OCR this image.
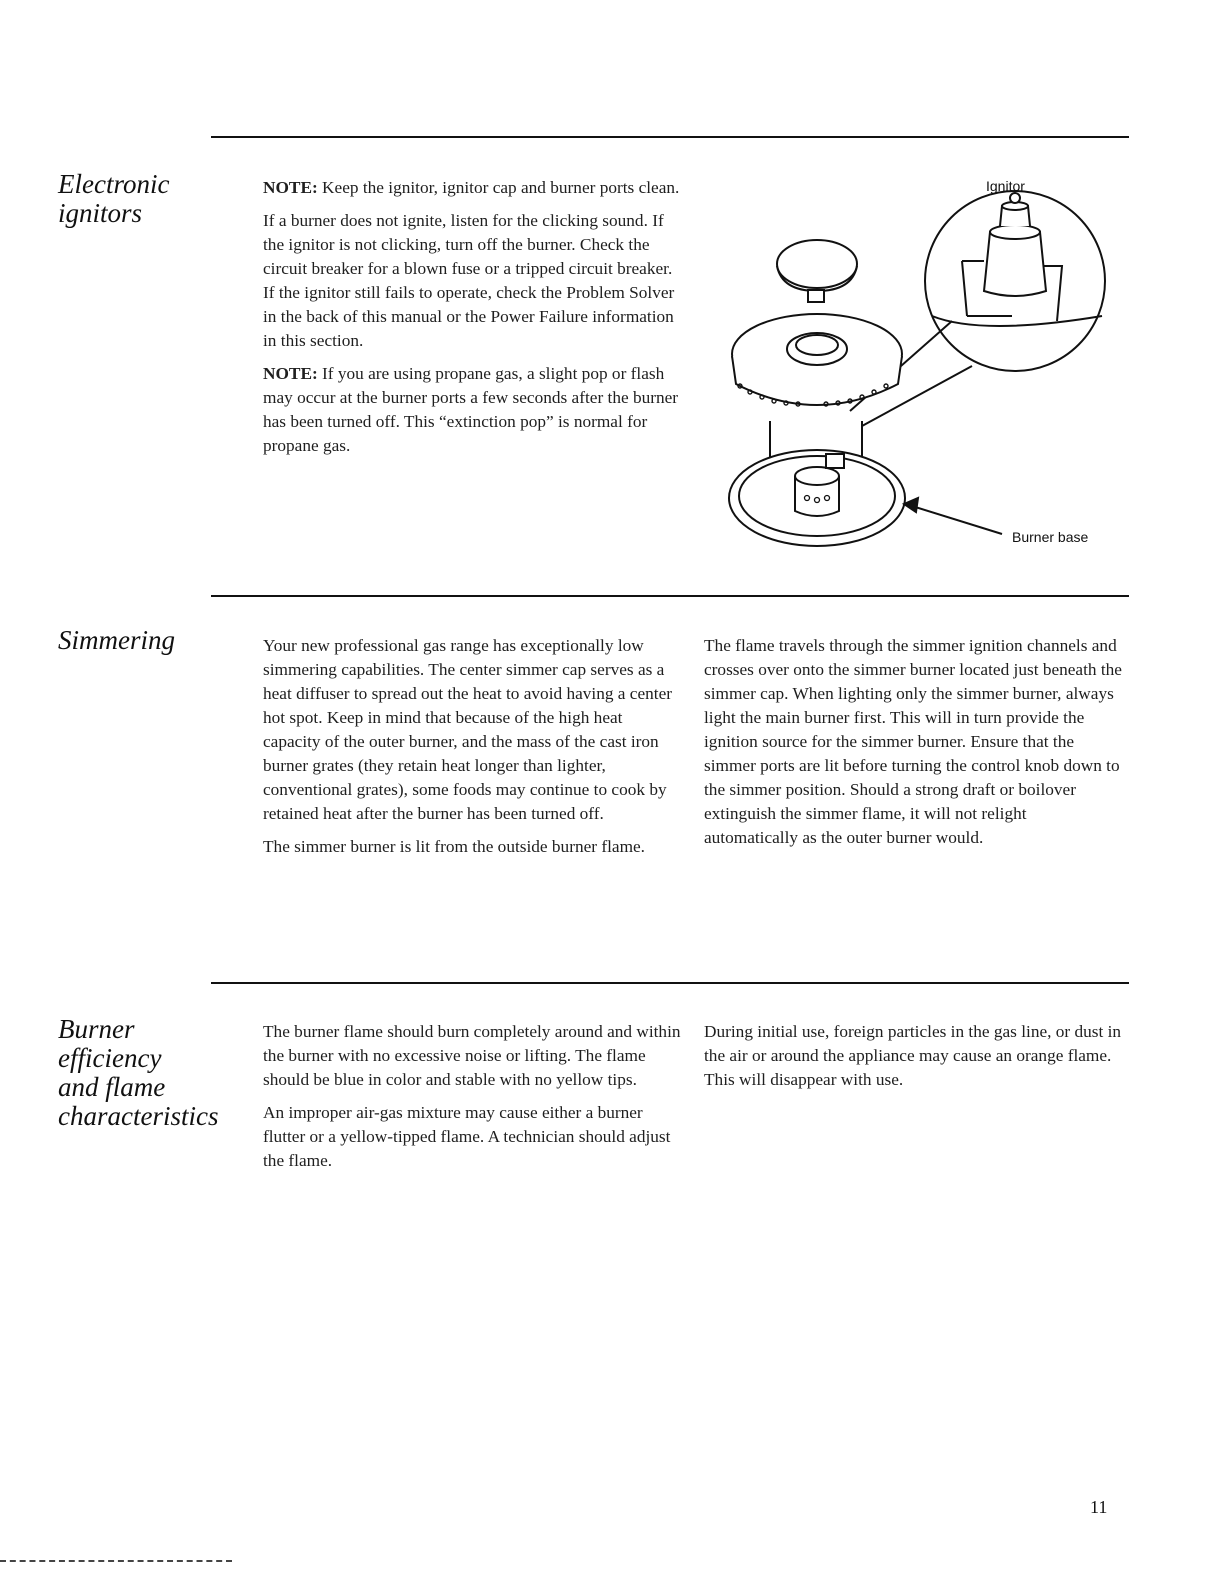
Electronic ignitors

NOTE: Keep the ignitor, ignitor cap and burner ports clean.

If a burner does not ignite, listen for the clicking sound. If the ignitor is not clicking, turn off the burner. Check the circuit breaker for a blown fuse or a tripped circuit breaker. If the ignitor still fails to operate, check the Problem Solver in the back of this manual or the Power Failure information in this section.

NOTE: If you are using propane gas, a slight pop or flash may occur at the burner ports a few seconds after the burner has been turned off. This “extinction pop” is normal for propane gas.

Ignitor
Burner base
Simmering	Your new professional gas range has exceptionally low simmering capabilities. The center simmer cap serves as a heat diffuser to spread out the heat to avoid having a center hot spot. Keep in mind that because of the high heat capacity of the outer burner, and the mass of the cast iron burner grates (they retain heat longer than lighter, conventional grates), some foods may continue to cook by retained heat after the burner has been turned off.

The simmer burner is lit from the outside burner flame.

The flame travels through the simmer ignition channels and crosses over onto the simmer burner located just beneath the simmer cap. When lighting only the simmer burner, always light the main burner first. This will in turn provide the ignition source for the simmer burner. Ensure that the simmer ports are lit before turning the control knob down to the simmer position. Should a strong draft or boilover extinguish the simmer flame, it will not relight automatically as the outer burner would.

Burner
efficiency
and flame
characteristics

The burner flame should burn completely around and within the burner with no excessive noise or lifting. The flame should be blue in color and stable with no yellow tips.

An improper air-gas mixture may cause either a burner flutter or a yellow-tipped flame. A technician should adjust the flame.

During initial use, foreign particles in the gas line, or dust in the air or around the appliance may cause an orange flame. This will disappear with use.

11
